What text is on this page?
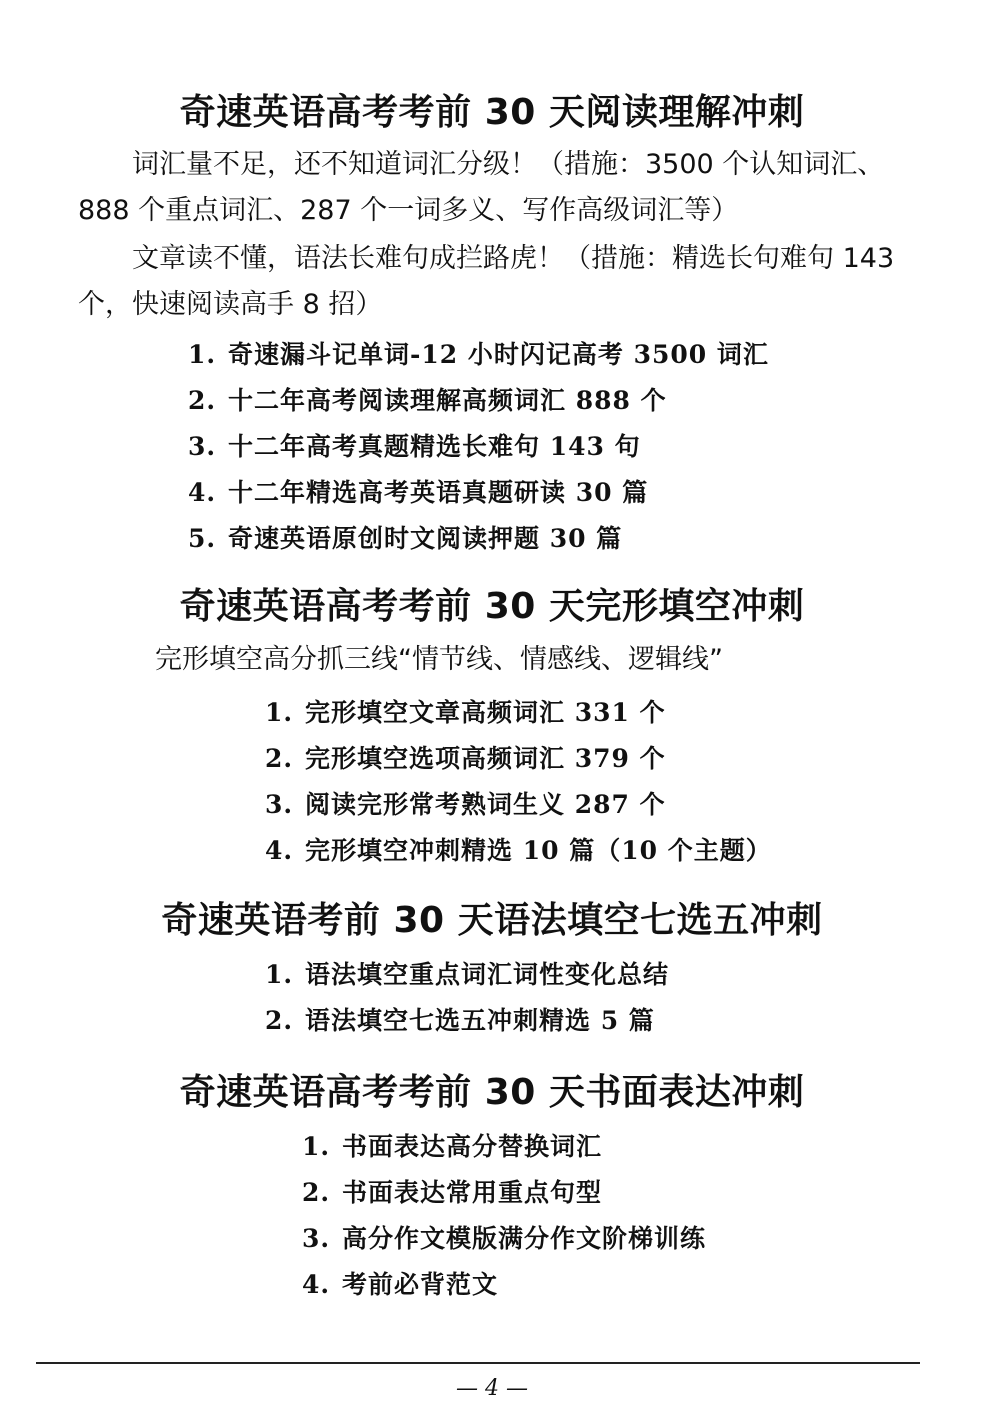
奇速英语高考考前 30 天阅读理解冲刺

词汇量不足，还不知道词汇分级！（措施：3500 个认知词汇、888 个重点词汇、287 个一词多义、写作高级词汇等）

文章读不懂，语法长难句成拦路虎！（措施：精选长句难句 143 个，快速阅读高手 8 招）

1. 奇速漏斗记单词-12 小时闪记高考 3500 词汇
2. 十二年高考阅读理解高频词汇 888 个
3. 十二年高考真题精选长难句 143 句
4. 十二年精选高考英语真题研读 30 篇
5. 奇速英语原创时文阅读押题 30 篇
奇速英语高考考前 30 天完形填空冲刺
完形填空高分抓三线“情节线、情感线、逻辑线”
1. 完形填空文章高频词汇 331 个
2. 完形填空选项高频词汇 379 个
3. 阅读完形常考熟词生义 287 个
4. 完形填空冲刺精选 10 篇（10 个主题）
奇速英语考前 30 天语法填空七选五冲刺
1. 语法填空重点词汇词性变化总结
2. 语法填空七选五冲刺精选 5 篇
奇速英语高考考前 30 天书面表达冲刺
1. 书面表达高分替换词汇
2. 书面表达常用重点句型
3. 高分作文模版满分作文阶梯训练
4. 考前必背范文
— 4 —
